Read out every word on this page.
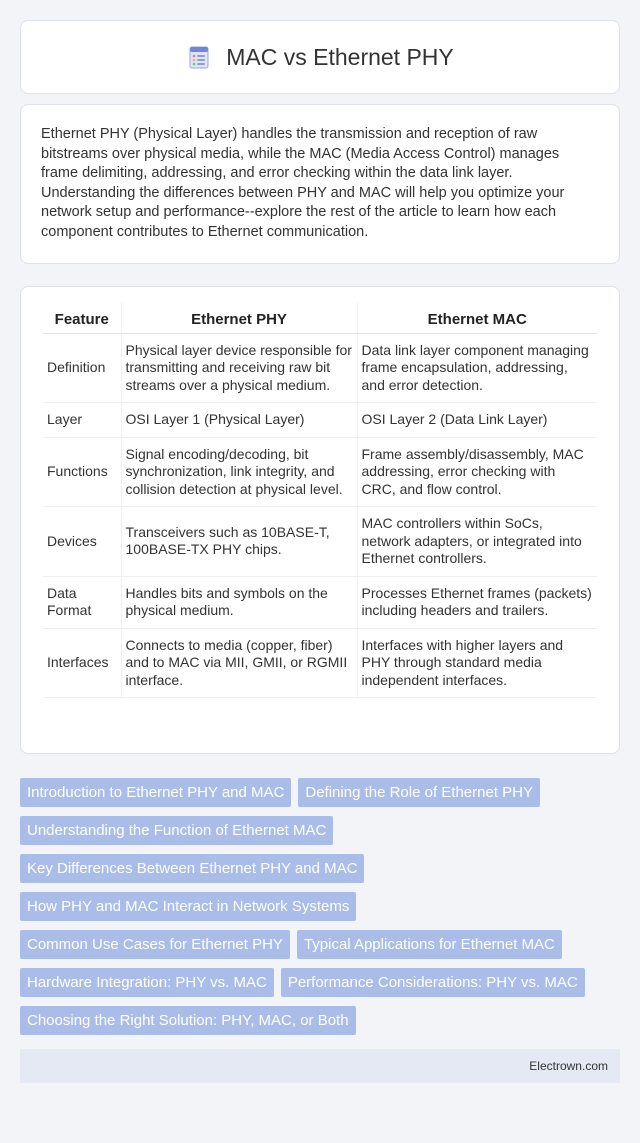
MAC vs Ethernet PHY

Ethernet PHY (Physical Layer) handles the transmission and reception of raw bitstreams over physical media, while the MAC (Media Access Control) manages frame delimiting, addressing, and error checking within the data link layer. Understanding the differences between PHY and MAC will help you optimize your network setup and performance--explore the rest of the article to learn how each component contributes to Ethernet communication.

Feature	Ethernet PHY	Ethernet MAC
Definition	Physical layer device responsible for transmitting and receiving raw bit streams over a physical medium.	Data link layer component managing frame encapsulation, addressing, and error detection.
Layer	OSI Layer 1 (Physical Layer)	OSI Layer 2 (Data Link Layer)
Functions	Signal encoding/decoding, bit synchronization, link integrity, and collision detection at physical level.	Frame assembly/disassembly, MAC addressing, error checking with CRC, and flow control.
Devices	Transceivers such as 10BASE-T, 100BASE-TX PHY chips.	MAC controllers within SoCs, network adapters, or integrated into Ethernet controllers.
Data Format	Handles bits and symbols on the physical medium.	Processes Ethernet frames (packets) including headers and trailers.
Interfaces	Connects to media (copper, fiber) and to MAC via MII, GMII, or RGMII interface.	Interfaces with higher layers and PHY through standard media independent interfaces.
Introduction to Ethernet PHY and MAC	Defining the Role of Ethernet PHY
Understanding the Function of Ethernet MAC
Key Differences Between Ethernet PHY and MAC
How PHY and MAC Interact in Network Systems
Common Use Cases for Ethernet PHY	Typical Applications for Ethernet MAC
Hardware Integration: PHY vs. MAC	Performance Considerations: PHY vs. MAC
Choosing the Right Solution: PHY, MAC, or Both
Electrown.com
